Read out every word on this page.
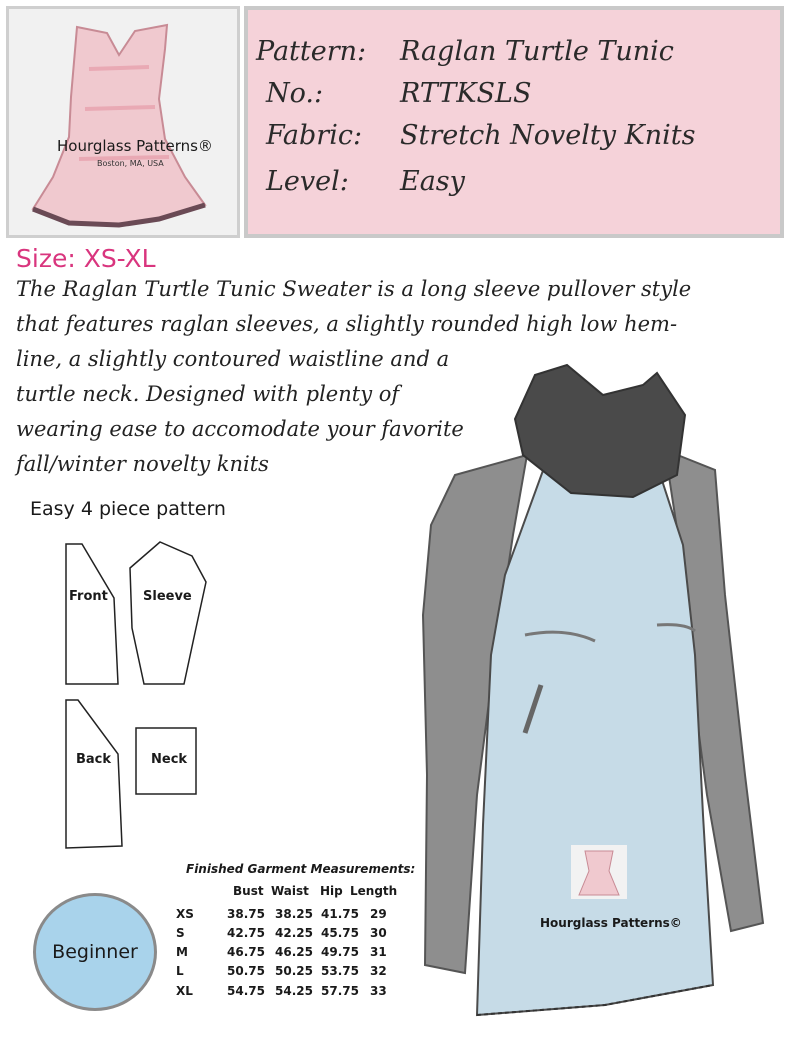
Hourglass Patterns®
Boston, MA, USA
Pattern: Raglan Turtle Tunic
No.:	RTTKSLS
Fabric: Stretch Novelty Knits
Level: Easy
Size: XS-XL
The Raglan Turtle Tunic Sweater is a long sleeve pullover style
that features raglan sleeves, a slightly rounded high low hem-
line, a slightly contoured waistline and a
turtle neck. Designed with plenty of
wearing ease to accomodate your favorite
fall/winter novelty knits
Hourglass Patterns©
Easy 4 piece pattern
Front	Sleeve
Back	Neck
Finished Garment Measurements:
Bust Waist Hip Length
XS	38.75 38.25 41.75 29
S	42.75 42.25 45.75 30
M	46.75 46.25 49.75 31
L	50.75 50.25 53.75 32
XL	54.75 54.25 57.75 33
Beginner
